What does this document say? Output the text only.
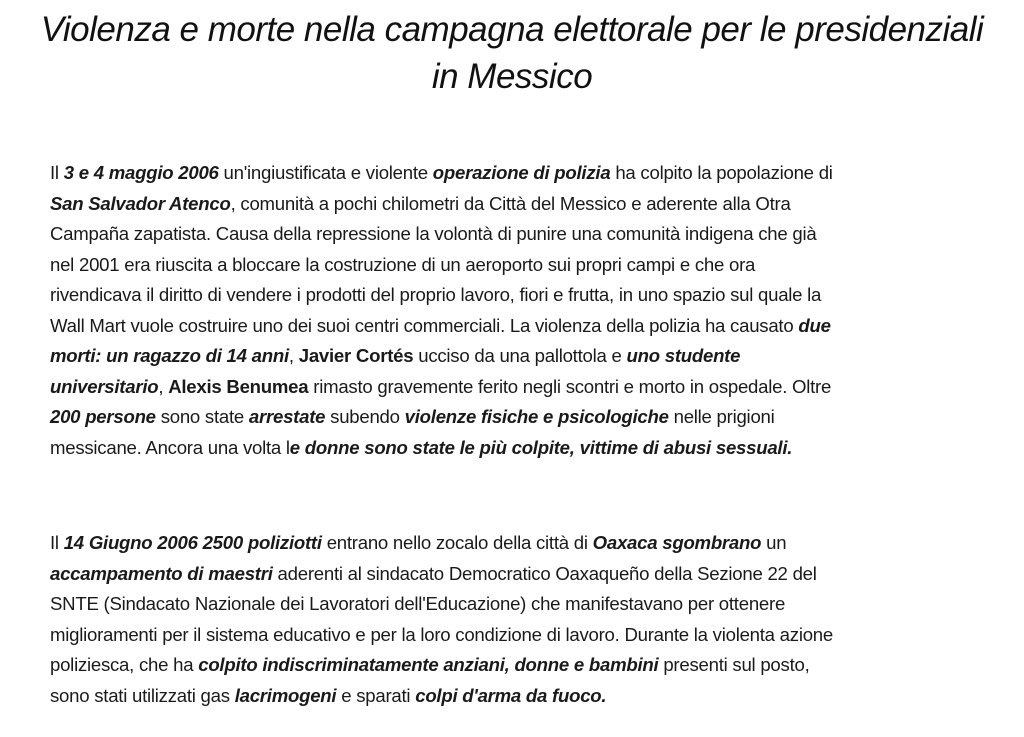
Violenza e morte nella campagna elettorale per le presidenziali
in Messico

Il 3 e 4 maggio 2006 un'ingiustificata e violente operazione di polizia ha colpito la popolazione di
San Salvador Atenco, comunità a pochi chilometri da Città del Messico e aderente alla Otra
Campaña zapatista. Causa della repressione la volontà di punire una comunità indigena che già
nel 2001 era riuscita a bloccare la costruzione di un aeroporto sui propri campi e che ora
rivendicava il diritto di vendere i prodotti del proprio lavoro, fiori e frutta, in uno spazio sul quale la
Wall Mart vuole costruire uno dei suoi centri commerciali. La violenza della polizia ha causato due
morti: un ragazzo di 14 anni, Javier Cortés ucciso da una pallottola e uno studente
universitario, Alexis Benumea rimasto gravemente ferito negli scontri e morto in ospedale. Oltre
200 persone sono state arrestate subendo violenze fisiche e psicologiche nelle prigioni
messicane. Ancora una volta le donne sono state le più colpite, vittime di abusi sessuali.

Il 14 Giugno 2006 2500 poliziotti entrano nello zocalo della città di Oaxaca sgombrano un
accampamento di maestri aderenti al sindacato Democratico Oaxaqueño della Sezione 22 del
SNTE (Sindacato Nazionale dei Lavoratori dell'Educazione) che manifestavano per ottenere
miglioramenti per il sistema educativo e per la loro condizione di lavoro. Durante la violenta azione
poliziesca, che ha colpito indiscriminatamente anziani, donne e bambini presenti sul posto,
sono stati utilizzati gas lacrimogeni e sparati colpi d'arma da fuoco.
